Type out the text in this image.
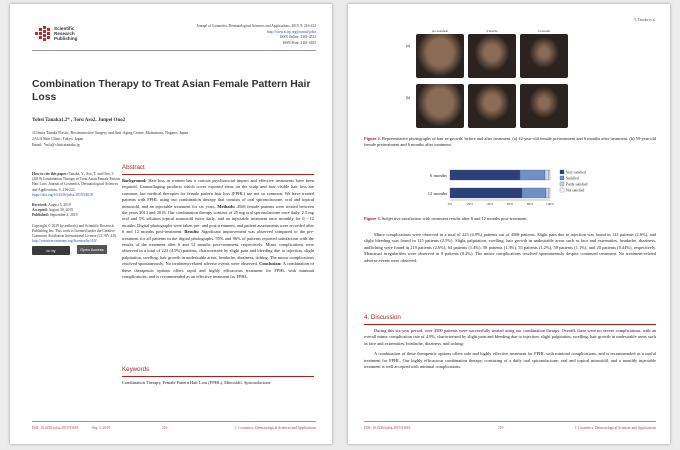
Scientific
Research
Publishing
Journal of Cosmetics, Dermatological Sciences and Applications, 2019, 9, 216-222
http://www.scirp.org/journal/jcdsa
ISSN Online: 2161-4512
ISSN Print: 2161-4105
Combination Therapy to Treat Asian Female Pattern Hair Loss
Yohei Tanaka1,2* , Toru Aso2, Junpei Ono2
1Clinica Tanaka Plastic, Reconstructive Surgery and Anti-Aging Center, Matsumoto, Nagano, Japan
2AGA Skin Clinic, Tokyo, Japan
Email: *info@clinicatanaka.jp

How to cite this paper: Tanaka, Y., Aso, T. and Ono, J. (2019) Combination Therapy to Treat Asian Female Pattern Hair Loss. Journal of Cosmetics, Dermatological Sciences and Applications, 9, 216-222. https://doi.org/10.4236/jcdsa.2019.93018

Received: August 5, 2019
Accepted: August 30, 2019
Published: September 3, 2019

Copyright © 2019 by author(s) and Scientific Research Publishing Inc. This work is licensed under the Creative Commons Attribution International License (CC BY 4.0). http://creativecommons.org/licenses/by/4.0/
cc by	Open Access

Abstract
Background: Hair loss in women has a various psychosocial impact and effective treatments have been required. Camouflaging products which cover exposed areas on the scalp and hair visible hair loss are common, but medical therapies for female pattern hair loss (FPHL) are not so common. We have treated patients with FPHL using our combination therapy that consists of oral spironolactone, oral and topical minoxidil, and an injectable treatment for six years. Methods: 4568 female patients were treated between the years 2013 and 2018. Our combination therapy consists of 25 mg oral spironolactone once daily, 2.5 mg oral and 5% solution topical minoxidil twice daily, and an injectable treatment once monthly for 6 - 12 months. Digital photographs were taken pre- and post-treatment, and patient assessments were recorded after 6 and 12 months post-treatment. Results: Significant improvement was observed compared to the pre-treatment for all patients in the digital photographs. 95% and 96% of patients reported satisfaction with the results of the treatment after 6 and 12 months post-treatment, respectively. Minor complications were observed in a total of 223 (4.9%) patients, characterized by slight pain and bleeding due to injection, slight palpitation, swelling, hair growth in undesirable areas, headache, dizziness, itching. The minor complications resolved spontaneously. No treatment-related adverse events were observed. Conclusion: A combination of these therapeutic options offers rapid and highly efficacious treatment for FPHL with minimal complications, and is recommended as an effective treatment for FPHL.
Keywords
Combination Therapy, Female Pattern Hair Loss (FPHL), Minoxidil, Spironolactone
DOI: 10.4236/jcdsa.2019.93018	Sep. 3, 2019	216	J. Cosmetics, Dermatological Sciences and Applications
Y. Tanaka et al.
(a)
(b)
pre-treatment	6 months	12 months
Figure 2. Representative photographs of hair re-growth, before and after treatment. (a) 42-year-old female pretreatment and 6 months after treatment. (b) 59-year-old female pretreatment and 6 months after treatment.
6 months
12 months
0%	20%	40%	60%	80%	100%
Very satisfied
Satisfied
Partly satisfied
Not satisfied
Figure 3. Subjective satisfaction with treatment results after 6 and 12 months post-treatment.

Minor complications were observed in a total of 223 (4.9%) patients out of 4568 patients. Slight pain due to injection was found in 121 patients (2.6%), and slight bleeding was found in 115 patients (2.5%). Slight palpitation, swelling, hair growth in undesirable areas such as face and extremities, headache, dizziness, andItching were found in 119 patients (2.6%), 64 patients (1.4%), 58 patients (1.3%), 55 patients (1.2%), 50 patients (1.1%), and 20 patients (0.44%), respectively. Menstrual irregularities were observed in 9 patients (0.2%). The minor complications resolved spontaneously despite continued treatment. No treatment-related adverse events were observed.

4. Discussion

During this six-year period, over 4500 patients were successfully treated using our combination therapy. Overall, there were no severe complications, with an overall minor complication rate of 4.9%, characterized by slight pain and bleeding due to injection, slight palpitation, swelling, hair growth in undesirable areas such as face and extremities, headache, dizziness, and itching.

A combination of these therapeutic options offers safe and highly effective treatment for FPHL with minimal complications, and is recommended as a useful treatment for FPHL. Our highly efficacious combination therapy, consisting of a daily oral spironolactone, oral and topical minoxidil, and a monthly injectable treatment is well accepted with minimal complications.

DOI: 10.4236/jcdsa.2019.93018	219	J. Cosmetics, Dermatological Sciences and Applications
